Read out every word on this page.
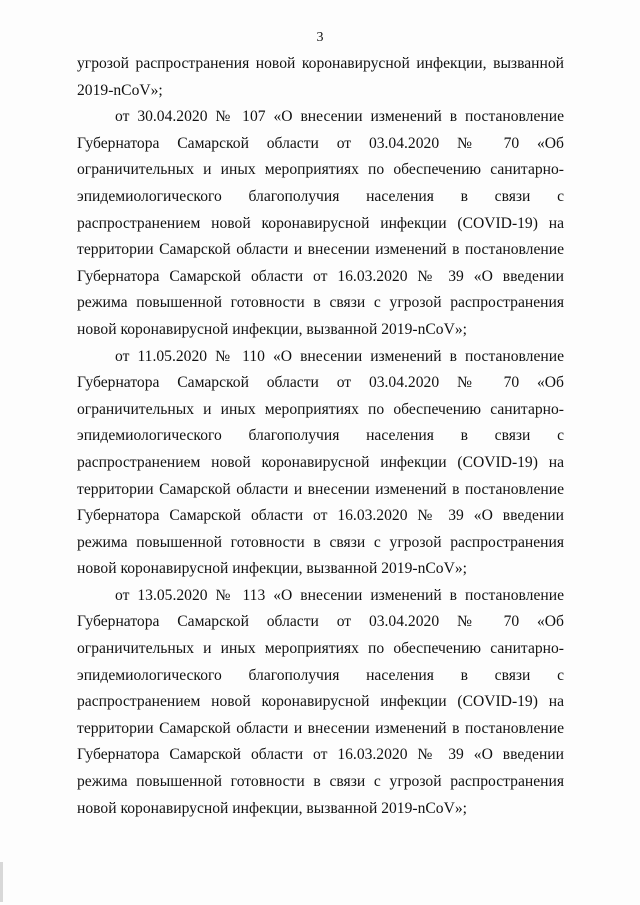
3

угрозой распространения новой коронавирусной инфекции, вызванной 2019-nCoV»;

от 30.04.2020 № 107 «О внесении изменений в постановление Губернатора Самарской области от 03.04.2020 № 70 «Об ограничительных и иных мероприятиях по обеспечению санитарно-эпидемиологического благополучия населения в связи с распространением новой коронавирусной инфекции (COVID-19) на территории Самарской области и внесении изменений в постановление Губернатора Самарской области от 16.03.2020 № 39 «О введении режима повышенной готовности в связи с угрозой распространения новой коронавирусной инфекции, вызванной 2019-nCoV»;

от 11.05.2020 № 110 «О внесении изменений в постановление Губернатора Самарской области от 03.04.2020 № 70 «Об ограничительных и иных мероприятиях по обеспечению санитарно-эпидемиологического благополучия населения в связи с распространением новой коронавирусной инфекции (COVID-19) на территории Самарской области и внесении изменений в постановление Губернатора Самарской области от 16.03.2020 № 39 «О введении режима повышенной готовности в связи с угрозой распространения новой коронавирусной инфекции, вызванной 2019-nCoV»;

от 13.05.2020 № 113 «О внесении изменений в постановление Губернатора Самарской области от 03.04.2020 № 70 «Об ограничительных и иных мероприятиях по обеспечению санитарно-эпидемиологического благополучия населения в связи с распространением новой коронавирусной инфекции (COVID-19) на территории Самарской области и внесении изменений в постановление Губернатора Самарской области от 16.03.2020 № 39 «О введении режима повышенной готовности в связи с угрозой распространения новой коронавирусной инфекции, вызванной 2019-nCoV»;
